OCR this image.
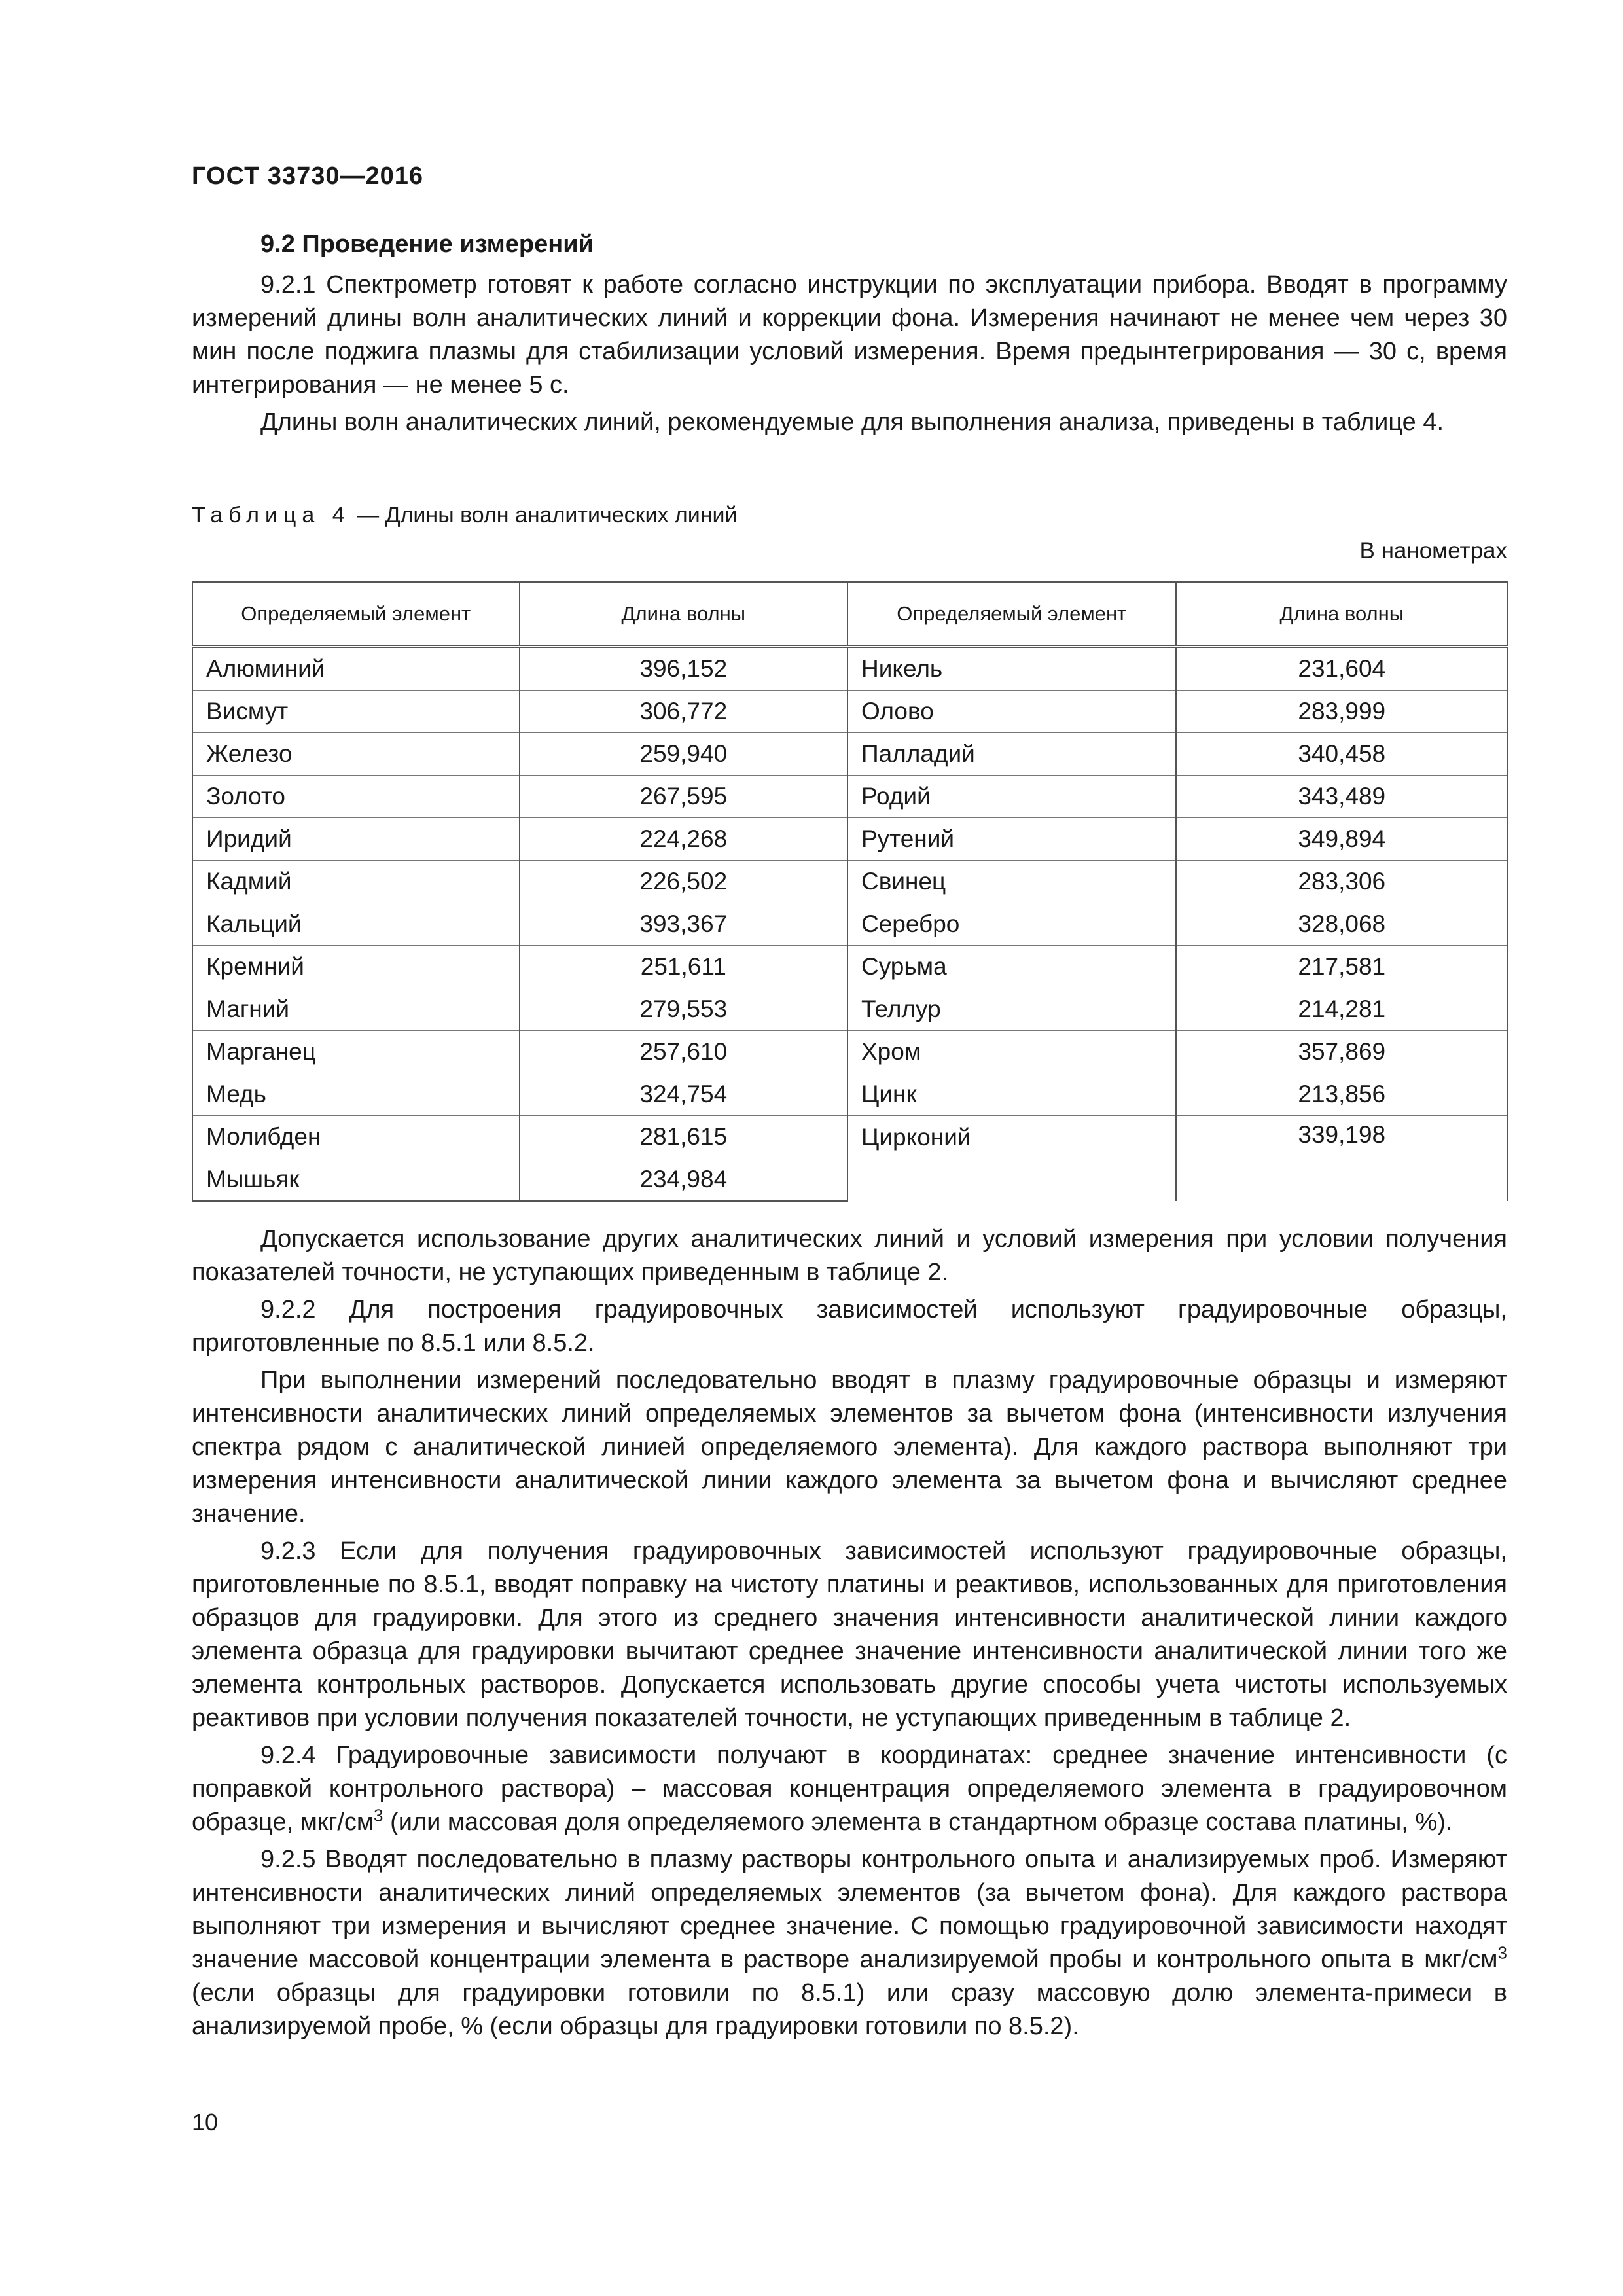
ГОСТ 33730—2016
9.2 Проведение измерений

9.2.1 Спектрометр готовят к работе согласно инструкции по эксплуатации прибора. Вводят в программу измерений длины волн аналитических линий и коррекции фона. Измерения начинают не менее чем через 30 мин после поджига плазмы для стабилизации условий измерения. Время предынтегрирования — 30 с, время интегрирования — не менее 5 с.

Длины волн аналитических линий, рекомендуемые для выполнения анализа, приведены в таблице 4.

Таблица 4 — Длины волн аналитических линий
В нанометрах
Определяемый элемент	Длина волны	Определяемый элемент	Длина волны
Алюминий	396,152	Никель	231,604
Висмут	306,772	Олово	283,999
Железо	259,940	Палладий	340,458
Золото	267,595	Родий	343,489
Иридий	224,268	Рутений	349,894
Кадмий	226,502	Свинец	283,306
Кальций	393,367	Серебро	328,068
Кремний	251,611	Сурьма	217,581
Магний	279,553	Теллур	214,281
Марганец	257,610	Хром	357,869
Медь	324,754	Цинк	213,856
Молибден	281,615	Цирконий	339,198
Мышьяк	234,984		

Допускается использование других аналитических линий и условий измерения при условии получения показателей точности, не уступающих приведенным в таблице 2.

9.2.2 Для построения градуировочных зависимостей используют градуировочные образцы, приготовленные по 8.5.1 или 8.5.2.

При выполнении измерений последовательно вводят в плазму градуировочные образцы и измеряют интенсивности аналитических линий определяемых элементов за вычетом фона (интенсивности излучения спектра рядом с аналитической линией определяемого элемента). Для каждого раствора выполняют три измерения интенсивности аналитической линии каждого элемента за вычетом фона и вычисляют среднее значение.

9.2.3 Если для получения градуировочных зависимостей используют градуировочные образцы, приготовленные по 8.5.1, вводят поправку на чистоту платины и реактивов, использованных для приготовления образцов для градуировки. Для этого из среднего значения интенсивности аналитической линии каждого элемента образца для градуировки вычитают среднее значение интенсивности аналитической линии того же элемента контрольных растворов. Допускается использовать другие способы учета чистоты используемых реактивов при условии получения показателей точности, не уступающих приведенным в таблице 2.

9.2.4 Градуировочные зависимости получают в координатах: среднее значение интенсивности (с поправкой контрольного раствора) – массовая концентрация определяемого элемента в градуировочном образце, мкг/$см^3$ (или массовая доля определяемого элемента в стандартном образце состава платины, %).

9.2.5 Вводят последовательно в плазму растворы контрольного опыта и анализируемых проб. Измеряют интенсивности аналитических линий определяемых элементов (за вычетом фона). Для каждого раствора выполняют три измерения и вычисляют среднее значение. С помощью градуировочной зависимости находят значение массовой концентрации элемента в растворе анализируемой пробы и контрольного опыта в мкг/$см^3$ (если образцы для градуировки готовили по 8.5.1) или сразу массовую долю элемента-примеси в анализируемой пробе, % (если образцы для градуировки готовили по 8.5.2).

10
